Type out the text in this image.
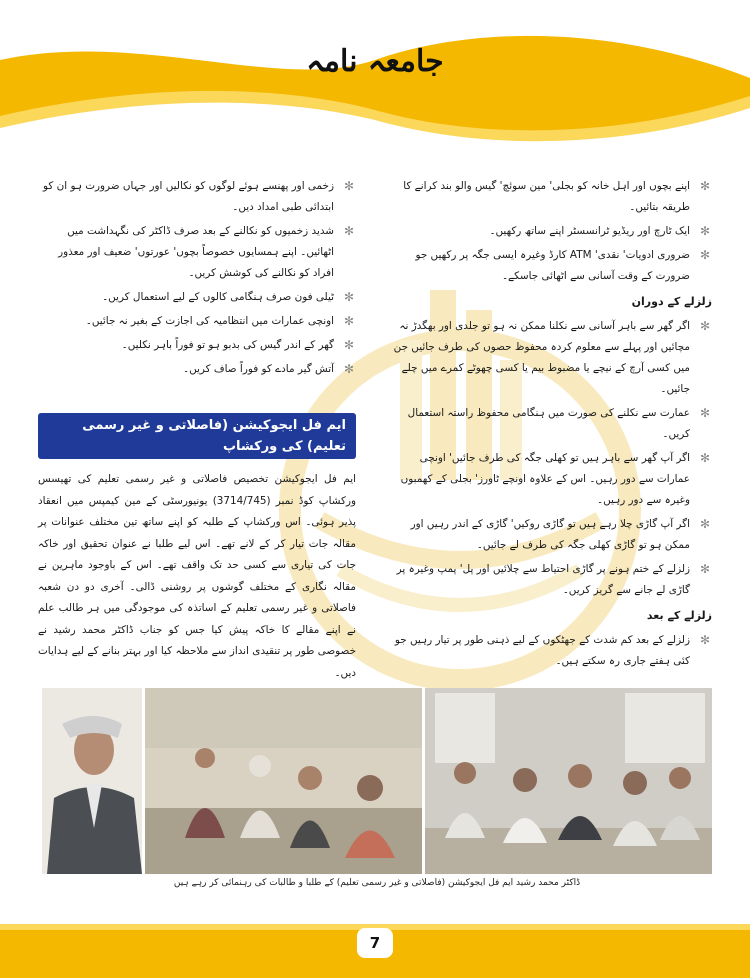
جامعہ نامہ
✻
اپنے بچوں اور اہل خانہ کو بجلی' مین سوئچ' گیس والو بند کرانے کا طریقہ بتائیں۔
✻
ایک ٹارچ اور ریڈیو ٹرانسسٹر اپنے ساتھ رکھیں۔
✻
ضروری ادویات' نقدی' ATM کارڈ وغیرہ ایسی جگہ پر رکھیں جو ضرورت کے وقت آسانی سے اٹھائی جاسکے۔
زلزلے کے دوران
✻
اگر گھر سے باہر آسانی سے نکلنا ممکن نہ ہو تو جلدی اور بھگدڑ نہ مچائیں اور پہلے سے معلوم کردہ محفوظ حصوں کی طرف جائیں جن میں کسی آرچ کے نیچے یا مضبوط بیم یا کسی چھوٹے کمرے میں چلے جائیں۔
✻
عمارت سے نکلنے کی صورت میں ہنگامی محفوظ راستہ استعمال کریں۔
✻
اگر آپ گھر سے باہر ہیں تو کھلی جگہ کی طرف جائیں' اونچی عمارات سے دور رہیں۔ اس کے علاوہ اونچے ٹاورز' بجلی کے کھمبوں وغیرہ سے دور رہیں۔
✻
اگر آپ گاڑی چلا رہے ہیں تو گاڑی روکیں' گاڑی کے اندر رہیں اور ممکن ہو تو گاڑی کھلی جگہ کی طرف لے جائیں۔
✻
زلزلے کے ختم ہونے پر گاڑی احتیاط سے چلائیں اور پل' پمپ وغیرہ پر گاڑی لے جانے سے گریز کریں۔
زلزلے کے بعد
✻
زلزلے کے بعد کم شدت کے جھٹکوں کے لیے ذہنی طور پر تیار رہیں جو کئی ہفتے جاری رہ سکتے ہیں۔
✻
زخمی اور پھنسے ہوئے لوگوں کو نکالیں اور جہاں ضرورت ہو ان کو ابتدائی طبی امداد دیں۔
✻
شدید زخمیوں کو نکالنے کے بعد صرف ڈاکٹر کی نگہداشت میں اٹھائیں۔ اپنے ہمسایوں خصوصاً بچوں' عورتوں' ضعیف اور معذور افراد کو نکالنے کی کوشش کریں۔
✻
ٹیلی فون صرف ہنگامی کالوں کے لیے استعمال کریں۔
✻
اونچی عمارات میں انتظامیہ کی اجازت کے بغیر نہ جائیں۔
✻
گھر کے اندر گیس کی بدبو ہو تو فوراً باہر نکلیں۔
✻
آتش گیر مادے کو فوراً صاف کریں۔
ایم فل ایجوکیشن (فاصلاتی و غیر رسمی تعلیم) کی ورکشاپ
ایم فل ایجوکیشن تخصیص فاصلاتی و غیر رسمی تعلیم کی تھیسس ورکشاپ کوڈ نمبر (3714/745) یونیورسٹی کے مین کیمپس میں انعقاد پذیر ہوئی۔ اس ورکشاپ کے طلبہ کو اپنے ساتھ تین مختلف عنوانات پر مقالہ جات تیار کر کے لانے تھے۔ اس لیے طلبا نے عنوان تحقیق اور خاکہ جات کی تیاری سے کسی حد تک واقف تھے۔ اس کے باوجود ماہرین نے مقالہ نگاری کے مختلف گوشوں پر روشنی ڈالی۔ آخری دو دن شعبہ فاصلاتی و غیر رسمی تعلیم کے اساتذہ کی موجودگی میں ہر طالب علم نے اپنے مقالے کا خاکہ پیش کیا جس کو جناب ڈاکٹر محمد رشید نے خصوصی طور پر تنقیدی انداز سے ملاحظہ کیا اور بہتر بنانے کے لیے ہدایات دیں۔
ڈاکٹر محمد رشید ایم فل ایجوکیشن (فاصلاتی و غیر رسمی تعلیم) کے طلبا و طالبات کی رہنمائی کر رہے ہیں
7
